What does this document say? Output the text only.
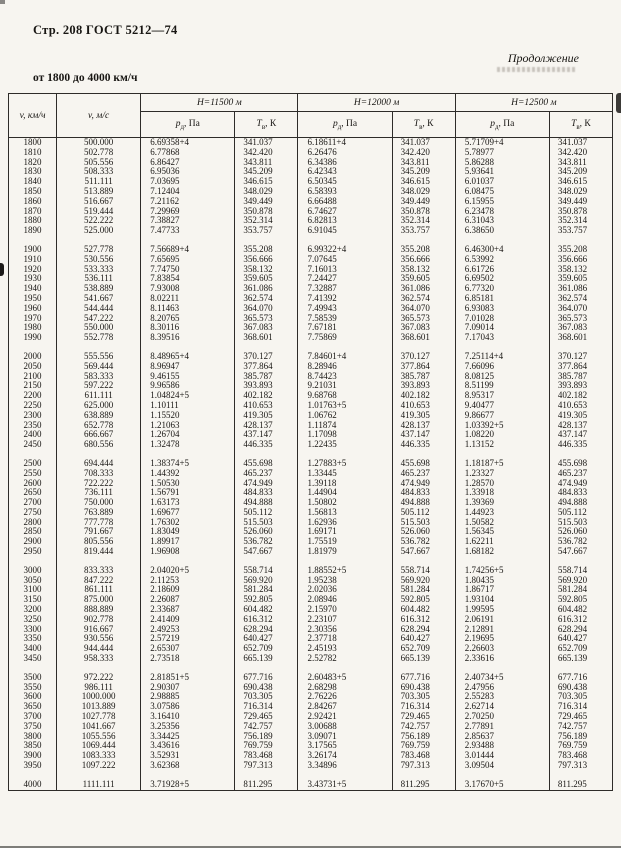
Стр. 208 ГОСТ 5212—74
Продолжение
от 1800 до 4000 км/ч
v, км/ч	v, м/с	Н=11500 м		Н=12000 м		Н=12500 м	
		$p_д$, Па	$T_в$, К	$p_д$, Па	$T_в$, К	$p_д$, Па	$T_в$, К
1800	500.000	6.69358+4	341.037	6.18611+4	341.037	5.71709+4	341.037
1810	502.778	6.77868	342.420	6.26476	342.420	5.78977	342.420
1820	505.556	6.86427	343.811	6.34386	343.811	5.86288	343.811
1830	508.333	6.95036	345.209	6.42343	345.209	5.93641	345.209
1840	511.111	7.03695	346.615	6.50345	346.615	6.01037	346.615
1850	513.889	7.12404	348.029	6.58393	348.029	6.08475	348.029
1860	516.667	7.21162	349.449	6.66488	349.449	6.15955	349.449
1870	519.444	7.29969	350.878	6.74627	350.878	6.23478	350.878
1880	522.222	7.38827	352.314	6.82813	352.314	6.31043	352.314
1890	525.000	7.47733	353.757	6.91045	353.757	6.38650	353.757

1900	527.778	7.56689+4	355.208	6.99322+4	355.208	6.46300+4	355.208
1910	530.556	7.65695	356.666	7.07645	356.666	6.53992	356.666
1920	533.333	7.74750	358.132	7.16013	358.132	6.61726	358.132
1930	536.111	7.83854	359.605	7.24427	359.605	6.69502	359.605
1940	538.889	7.93008	361.086	7.32887	361.086	6.77320	361.086
1950	541.667	8.02211	362.574	7.41392	362.574	6.85181	362.574
1960	544.444	8.11463	364.070	7.49943	364.070	6.93083	364.070
1970	547.222	8.20765	365.573	7.58539	365.573	7.01028	365.573
1980	550.000	8.30116	367.083	7.67181	367.083	7.09014	367.083
1990	552.778	8.39516	368.601	7.75869	368.601	7.17043	368.601

2000	555.556	8.48965+4	370.127	7.84601+4	370.127	7.25114+4	370.127
2050	569.444	8.96947	377.864	8.28946	377.864	7.66096	377.864
2100	583.333	9.46155	385.787	8.74423	385.787	8.08125	385.787
2150	597.222	9.96586	393.893	9.21031	393.893	8.51199	393.893
2200	611.111	1.04824+5	402.182	9.68768	402.182	8.95317	402.182
2250	625.000	1.10111	410.653	1.01763+5	410.653	9.40477	410.653
2300	638.889	1.15520	419.305	1.06762	419.305	9.86677	419.305
2350	652.778	1.21063	428.137	1.11874	428.137	1.03392+5	428.137
2400	666.667	1.26704	437.147	1.17098	437.147	1.08220	437.147
2450	680.556	1.32478	446.335	1.22435	446.335	1.13152	446.335

2500	694.444	1.38374+5	455.698	1.27883+5	455.698	1.18187+5	455.698
2550	708.333	1.44392	465.237	1.33445	465.237	1.23327	465.237
2600	722.222	1.50530	474.949	1.39118	474.949	1.28570	474.949
2650	736.111	1.56791	484.833	1.44904	484.833	1.33918	484.833
2700	750.000	1.63173	494.888	1.50802	494.888	1.39369	494.888
2750	763.889	1.69677	505.112	1.56813	505.112	1.44923	505.112
2800	777.778	1.76302	515.503	1.62936	515.503	1.50582	515.503
2850	791.667	1.83049	526.060	1.69171	526.060	1.56345	526.060
2900	805.556	1.89917	536.782	1.75519	536.782	1.62211	536.782
2950	819.444	1.96908	547.667	1.81979	547.667	1.68182	547.667

3000	833.333	2.04020+5	558.714	1.88552+5	558.714	1.74256+5	558.714
3050	847.222	2.11253	569.920	1.95238	569.920	1.80435	569.920
3100	861.111	2.18609	581.284	2.02036	581.284	1.86717	581.284
3150	875.000	2.26087	592.805	2.08946	592.805	1.93104	592.805
3200	888.889	2.33687	604.482	2.15970	604.482	1.99595	604.482
3250	902.778	2.41409	616.312	2.23107	616.312	2.06191	616.312
3300	916.667	2.49253	628.294	2.30356	628.294	2.12891	628.294
3350	930.556	2.57219	640.427	2.37718	640.427	2.19695	640.427
3400	944.444	2.65307	652.709	2.45193	652.709	2.26603	652.709
3450	958.333	2.73518	665.139	2.52782	665.139	2.33616	665.139

3500	972.222	2.81851+5	677.716	2.60483+5	677.716	2.40734+5	677.716
3550	986.111	2.90307	690.438	2.68298	690.438	2.47956	690.438
3600	1000.000	2.98885	703.305	2.76226	703.305	2.55283	703.305
3650	1013.889	3.07586	716.314	2.84267	716.314	2.62714	716.314
3700	1027.778	3.16410	729.465	2.92421	729.465	2.70250	729.465
3750	1041.667	3.25356	742.757	3.00688	742.757	2.77891	742.757
3800	1055.556	3.34425	756.189	3.09071	756.189	2.85637	756.189
3850	1069.444	3.43616	769.759	3.17565	769.759	2.93488	769.759
3900	1083.333	3.52931	783.468	3.26174	783.468	3.01444	783.468
3950	1097.222	3.62368	797.313	3.34896	797.313	3.09504	797.313

4000	1111.111	3.71928+5	811.295	3.43731+5	811.295	3.17670+5	811.295
